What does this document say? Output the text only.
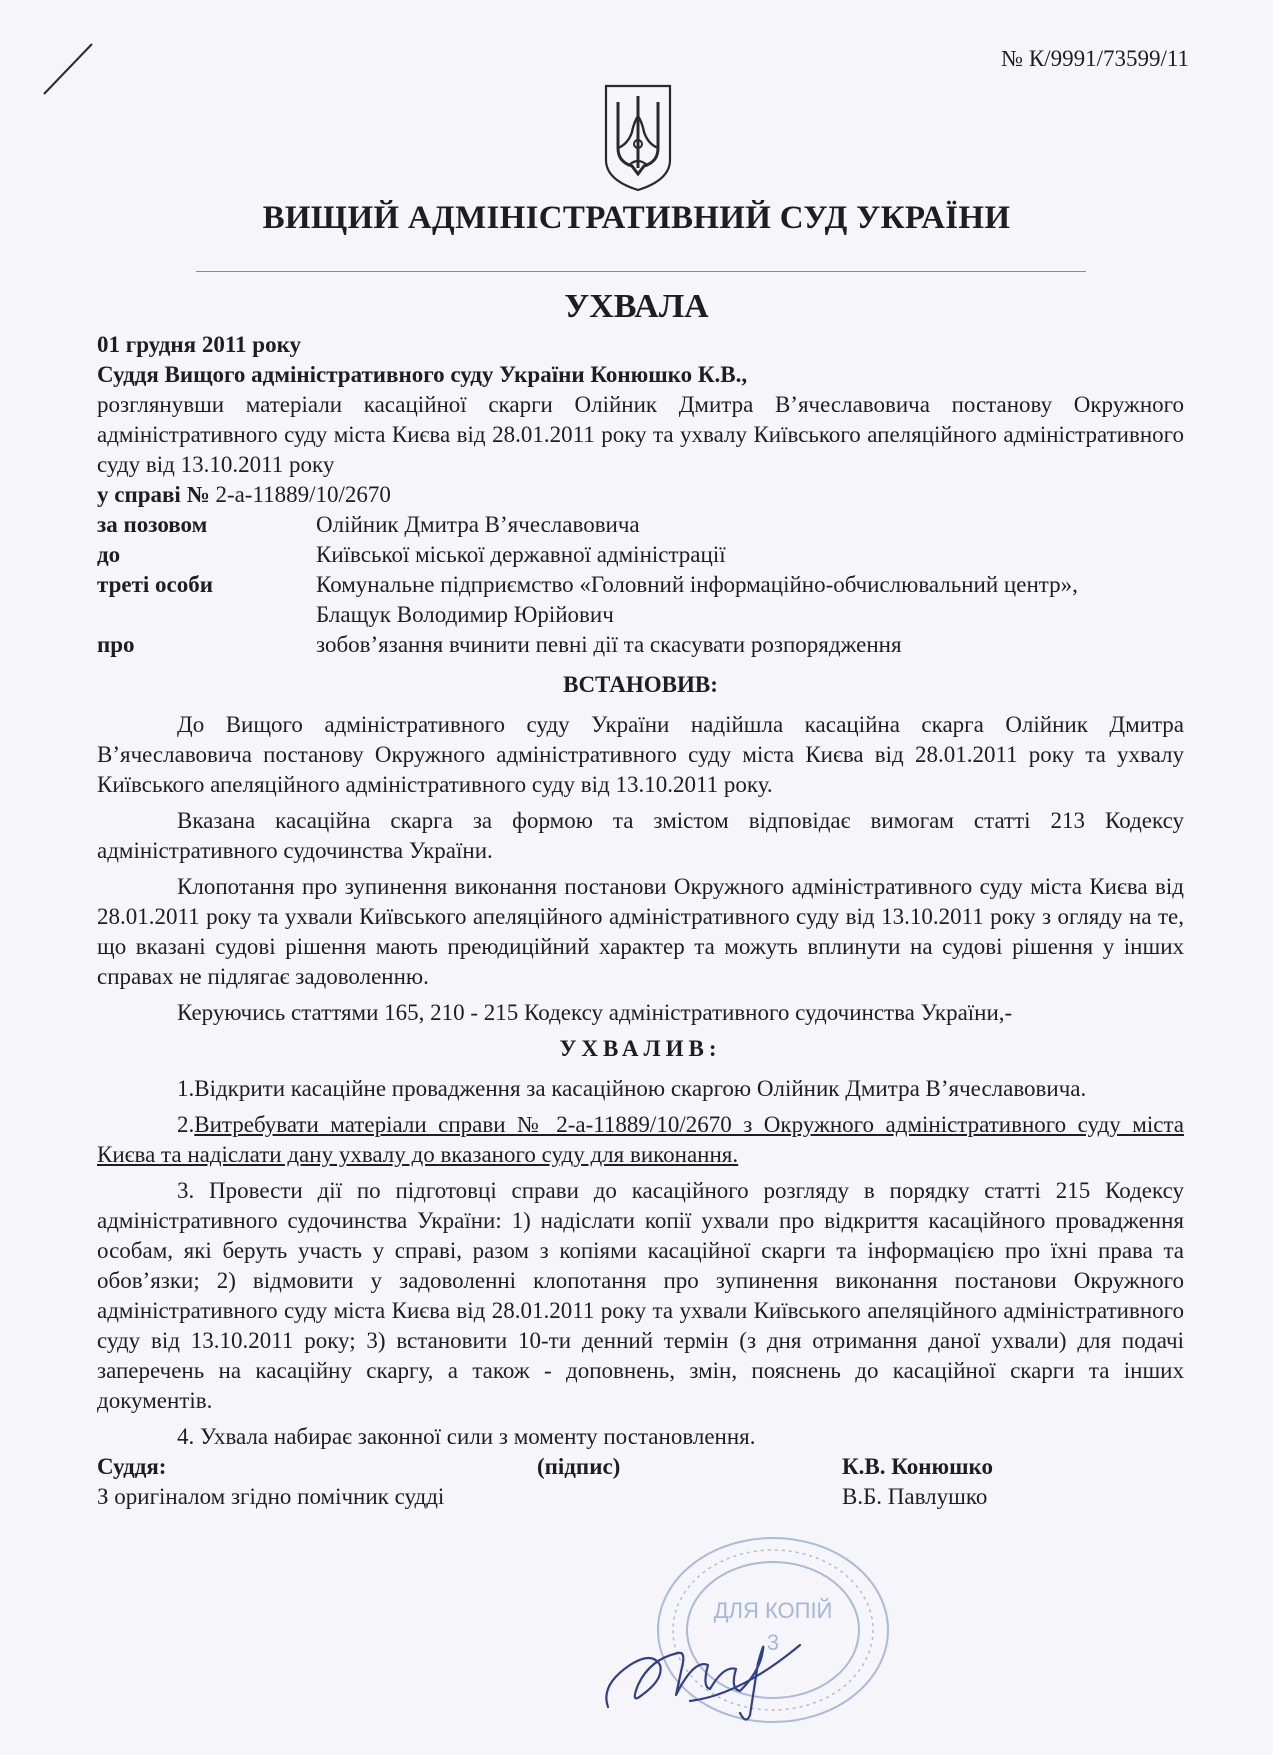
№ К/9991/73599/11
ВИЩИЙ АДМІНІСТРАТИВНИЙ СУД УКРАЇНИ
УХВАЛА

01 грудня 2011 року

Суддя Вищого адміністративного суду України Конюшко К.В.,

розглянувши матеріали касаційної скарги Олійник Дмитра В’ячеславовича постанову Окружного адміністративного суду міста Києва від 28.01.2011 року та ухвалу Київського апеляційного адміністративного суду від 13.10.2011 року

у справі № 2-а-11889/10/2670

за позовом	Олійник Дмитра В’ячеславовича
до	Київської міської державної адміністрації
треті особи	Комунальне підприємство «Головний інформаційно-обчислювальний центр»,
Блащук Володимир Юрійович
про	зобов’язання вчинити певні дії та скасувати розпорядження

ВСТАНОВИВ:

До Вищого адміністративного суду України надійшла касаційна скарга Олійник Дмитра В’ячеславовича постанову Окружного адміністративного суду міста Києва від 28.01.2011 року та ухвалу Київського апеляційного адміністративного суду від 13.10.2011 року.

Вказана касаційна скарга за формою та змістом відповідає вимогам статті 213 Кодексу адміністративного судочинства України.

Клопотання про зупинення виконання постанови Окружного адміністративного суду міста Києва від 28.01.2011 року та ухвали Київського апеляційного адміністративного суду від 13.10.2011 року з огляду на те, що вказані судові рішення мають преюдиційний характер та можуть вплинути на судові рішення у інших справах не підлягає задоволенню.

Керуючись статтями 165, 210 - 215 Кодексу адміністративного судочинства України,-

УХВАЛИВ:

1.Відкрити касаційне провадження за касаційною скаргою Олійник Дмитра В’ячеславовича.

2.Витребувати матеріали справи № 2-а-11889/10/2670 з Окружного адміністративного суду міста Києва та надіслати дану ухвалу до вказаного суду для виконання.

3. Провести дії по підготовці справи до касаційного розгляду в порядку статті 215 Кодексу адміністративного судочинства України: 1) надіслати копії ухвали про відкриття касаційного провадження особам, які беруть участь у справі, разом з копіями касаційної скарги та інформацією про їхні права та обов’язки; 2) відмовити у задоволенні клопотання про зупинення виконання постанови Окружного адміністративного суду міста Києва від 28.01.2011 року та ухвали Київського апеляційного адміністративного суду від 13.10.2011 року; 3) встановити 10-ти денний термін (з дня отримання даної ухвали) для подачі заперечень на касаційну скаргу, а також - доповнень, змін, пояснень до касаційної скарги та інших документів.

4. Ухвала набирає законної сили з моменту постановлення.

Суддя:	(підпис)	К.В. Конюшко
З оригіналом згідно помічник судді	В.Б. Павлушко
ДЛЯ КОПІЙ
3
